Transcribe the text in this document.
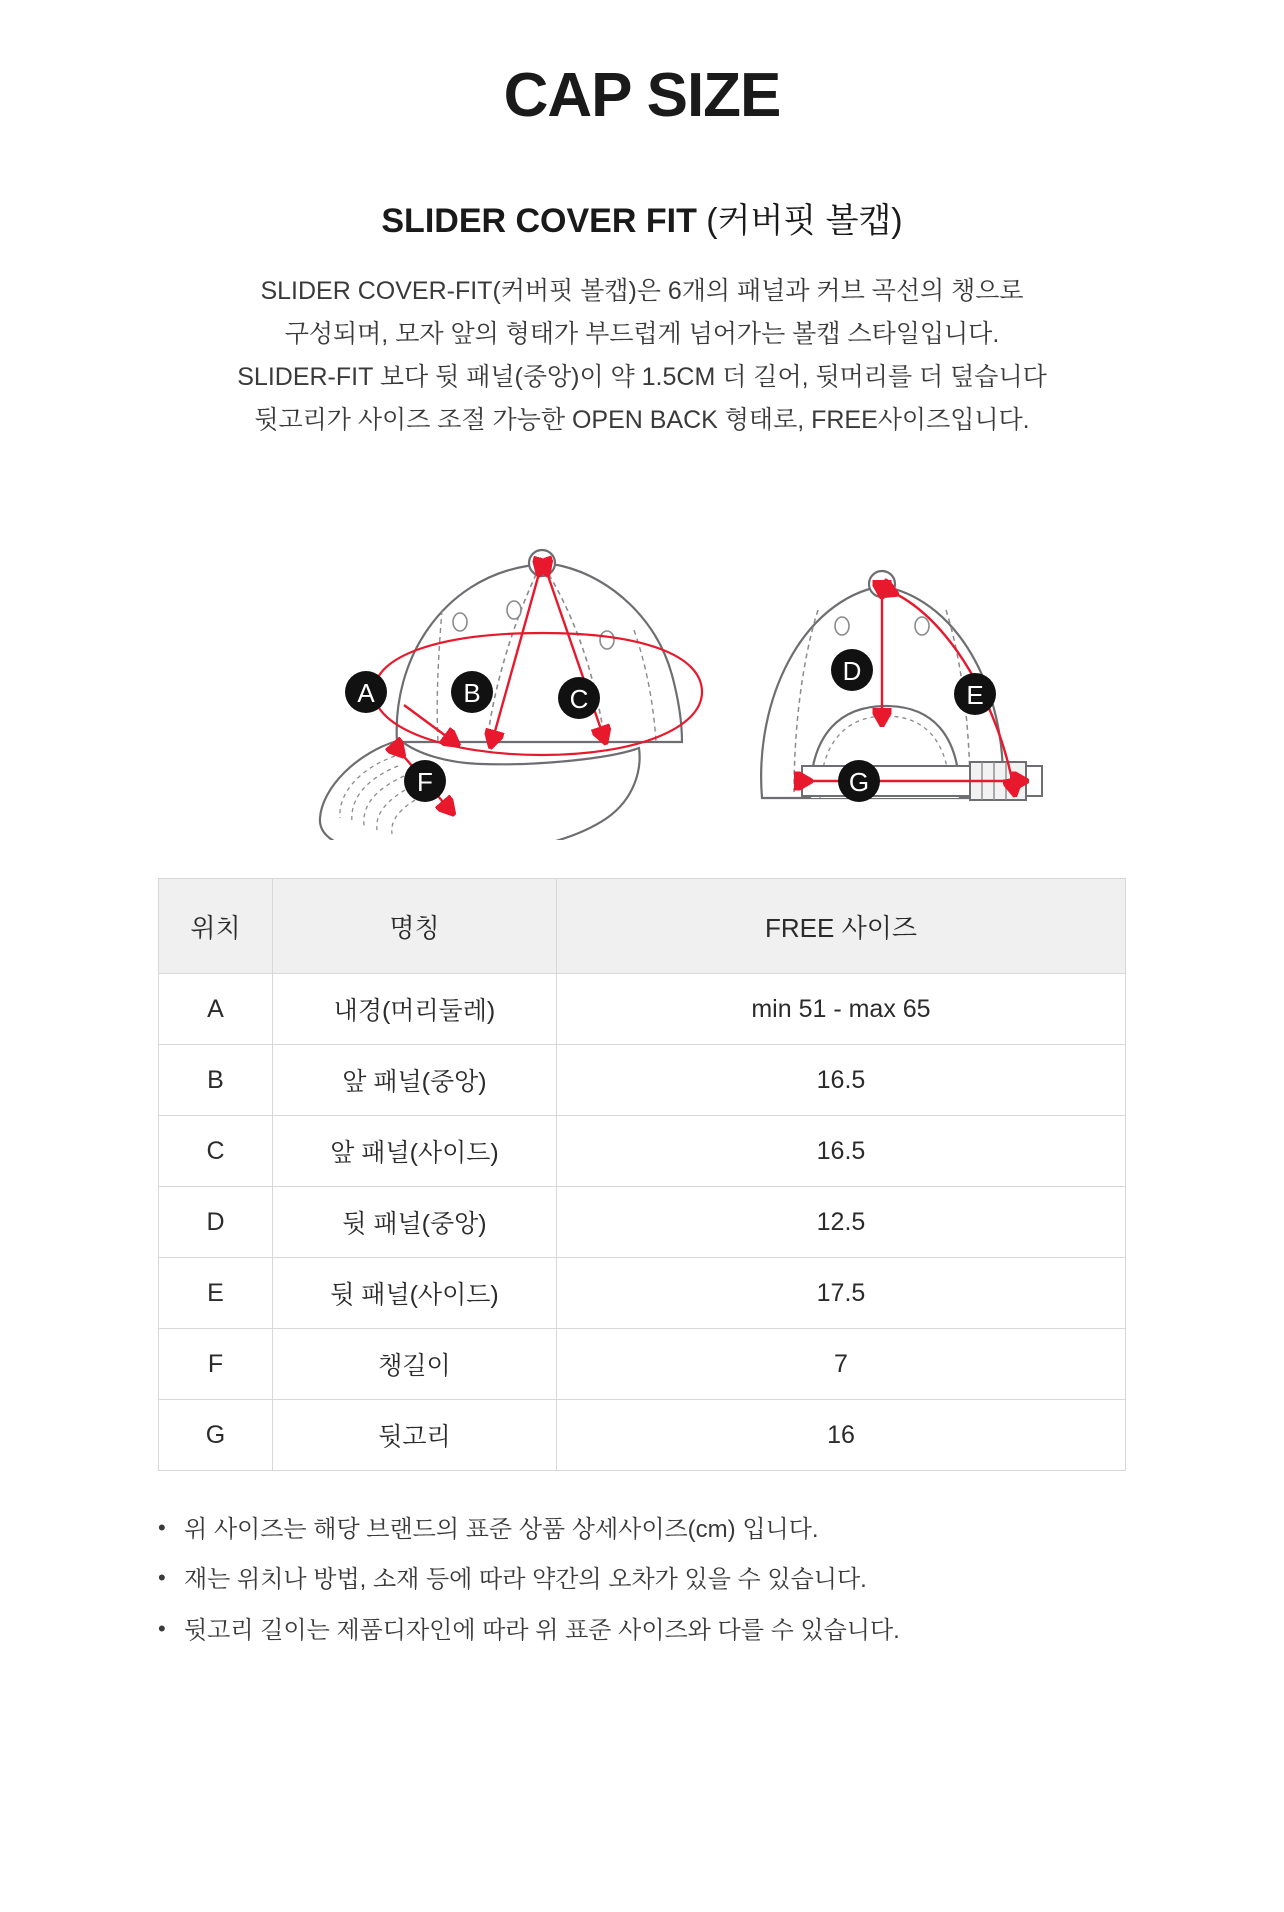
CAP SIZE
SLIDER COVER FIT (커버핏 볼캡)
SLIDER COVER-FIT(커버핏 볼캡)은 6개의 패널과 커브 곡선의 챙으로
구성되며, 모자 앞의 형태가 부드럽게 넘어가는 볼캡 스타일입니다.
SLIDER-FIT 보다 뒷 패널(중앙)이 약 1.5CM 더 길어, 뒷머리를 더 덮습니다
뒷고리가 사이즈 조절 가능한 OPEN BACK 형태로, FREE사이즈입니다.
A	B	C
F
D
E
G
위치	명칭	FREE 사이즈
A	내경(머리둘레)	min 51 - max 65
B	앞 패널(중앙)	16.5
C	앞 패널(사이드)	16.5
D	뒷 패널(중앙)	12.5
E	뒷 패널(사이드)	17.5
F	챙길이	7
G	뒷고리	16
• 위 사이즈는 해당 브랜드의 표준 상품 상세사이즈(cm) 입니다.
• 재는 위치나 방법, 소재 등에 따라 약간의 오차가 있을 수 있습니다.
• 뒷고리 길이는 제품디자인에 따라 위 표준 사이즈와 다를 수 있습니다.
